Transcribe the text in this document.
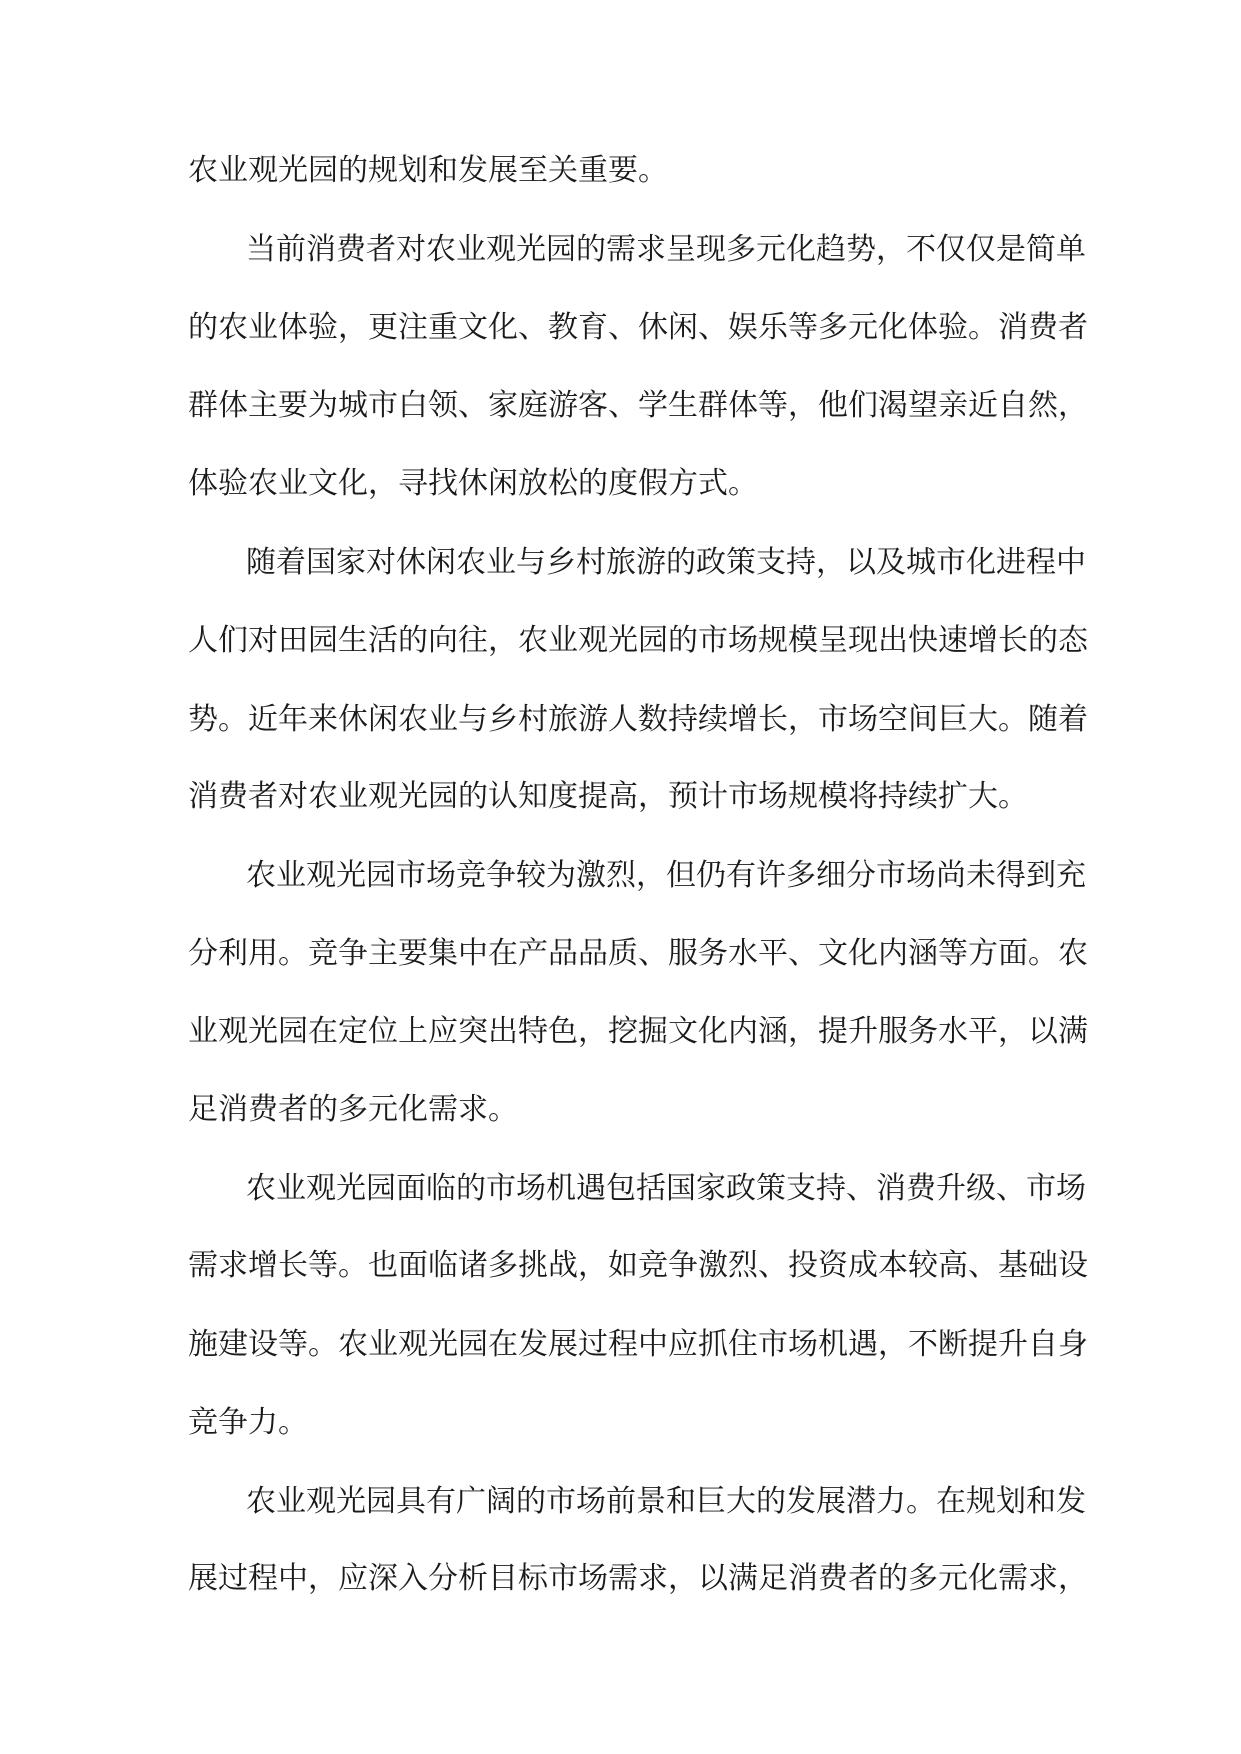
农业观光园的规划和发展至关重要。
当前消费者对农业观光园的需求呈现多元化趋势，不仅仅是简单
的农业体验，更注重文化、教育、休闲、娱乐等多元化体验。消费者
群体主要为城市白领、家庭游客、学生群体等，他们渴望亲近自然，
体验农业文化，寻找休闲放松的度假方式。
随着国家对休闲农业与乡村旅游的政策支持，以及城市化进程中
人们对田园生活的向往，农业观光园的市场规模呈现出快速增长的态
势。近年来休闲农业与乡村旅游人数持续增长，市场空间巨大。随着
消费者对农业观光园的认知度提高，预计市场规模将持续扩大。
农业观光园市场竞争较为激烈，但仍有许多细分市场尚未得到充
分利用。竞争主要集中在产品品质、服务水平、文化内涵等方面。农
业观光园在定位上应突出特色，挖掘文化内涵，提升服务水平，以满
足消费者的多元化需求。
农业观光园面临的市场机遇包括国家政策支持、消费升级、市场
需求增长等。也面临诸多挑战，如竞争激烈、投资成本较高、基础设
施建设等。农业观光园在发展过程中应抓住市场机遇，不断提升自身
竞争力。
农业观光园具有广阔的市场前景和巨大的发展潜力。在规划和发
展过程中，应深入分析目标市场需求，以满足消费者的多元化需求，
